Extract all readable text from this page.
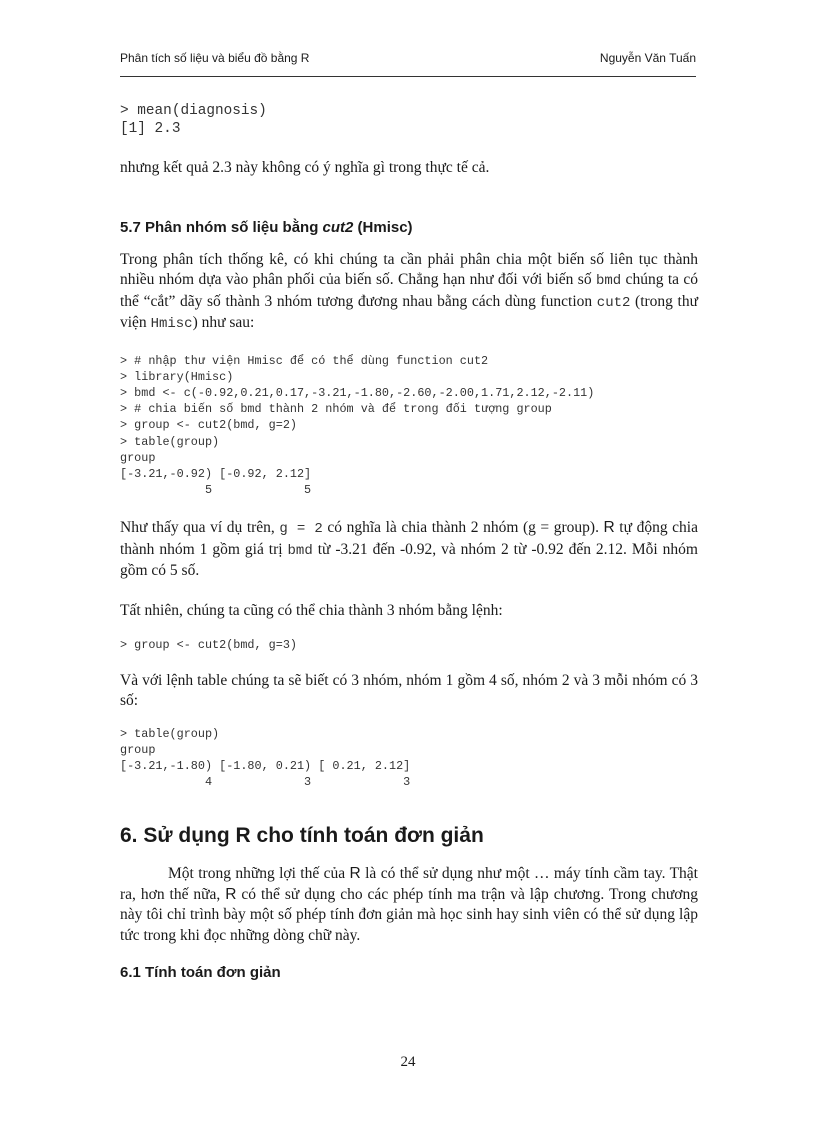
Phân tích số liệu và biểu đồ bằng R	Nguyễn Văn Tuấn
> mean(diagnosis)
[1] 2.3

nhưng kết quả 2.3 này không có ý nghĩa gì trong thực tế cả.

5.7 Phân nhóm số liệu bằng cut2 (Hmisc)

Trong phân tích thống kê, có khi chúng ta cần phải phân chia một biến số liên tục thành nhiều nhóm dựa vào phân phối của biến số. Chẳng hạn như đối với biến số bmd chúng ta có thể “cắt” dãy số thành 3 nhóm tương đương nhau bằng cách dùng function cut2 (trong thư viện Hmisc) như sau:

> # nhập thư viện Hmisc để có thể dùng function cut2
> library(Hmisc)
> bmd <- c(-0.92,0.21,0.17,-3.21,-1.80,-2.60,-2.00,1.71,2.12,-2.11)
> # chia biến số bmd thành 2 nhóm và để trong đối tượng group
> group <- cut2(bmd, g=2)
> table(group)
group
[-3.21,-0.92) [-0.92, 2.12]
5             5

Như thấy qua ví dụ trên, g = 2 có nghĩa là chia thành 2 nhóm (g = group). R tự động chia thành nhóm 1 gồm giá trị bmd từ -3.21 đến -0.92, và nhóm 2 từ -0.92 đến 2.12. Mỗi nhóm gồm có 5 số.

Tất nhiên, chúng ta cũng có thể chia thành 3 nhóm bằng lệnh:

> group <- cut2(bmd, g=3)

Và với lệnh table chúng ta sẽ biết có 3 nhóm, nhóm 1 gồm 4 số, nhóm 2 và 3 mỗi nhóm có 3 số:

> table(group)
group
[-3.21,-1.80) [-1.80, 0.21) [ 0.21, 2.12]
4             3             3
6. Sử dụng R cho tính toán đơn giản

Một trong những lợi thế của R là có thể sử dụng như một … máy tính cầm tay. Thật ra, hơn thế nữa, R có thể sử dụng cho các phép tính ma trận và lập chương. Trong chương này tôi chỉ trình bày một số phép tính đơn giản mà học sinh hay sinh viên có thể sử dụng lập tức trong khi đọc những dòng chữ này.

6.1 Tính toán đơn giản
24
